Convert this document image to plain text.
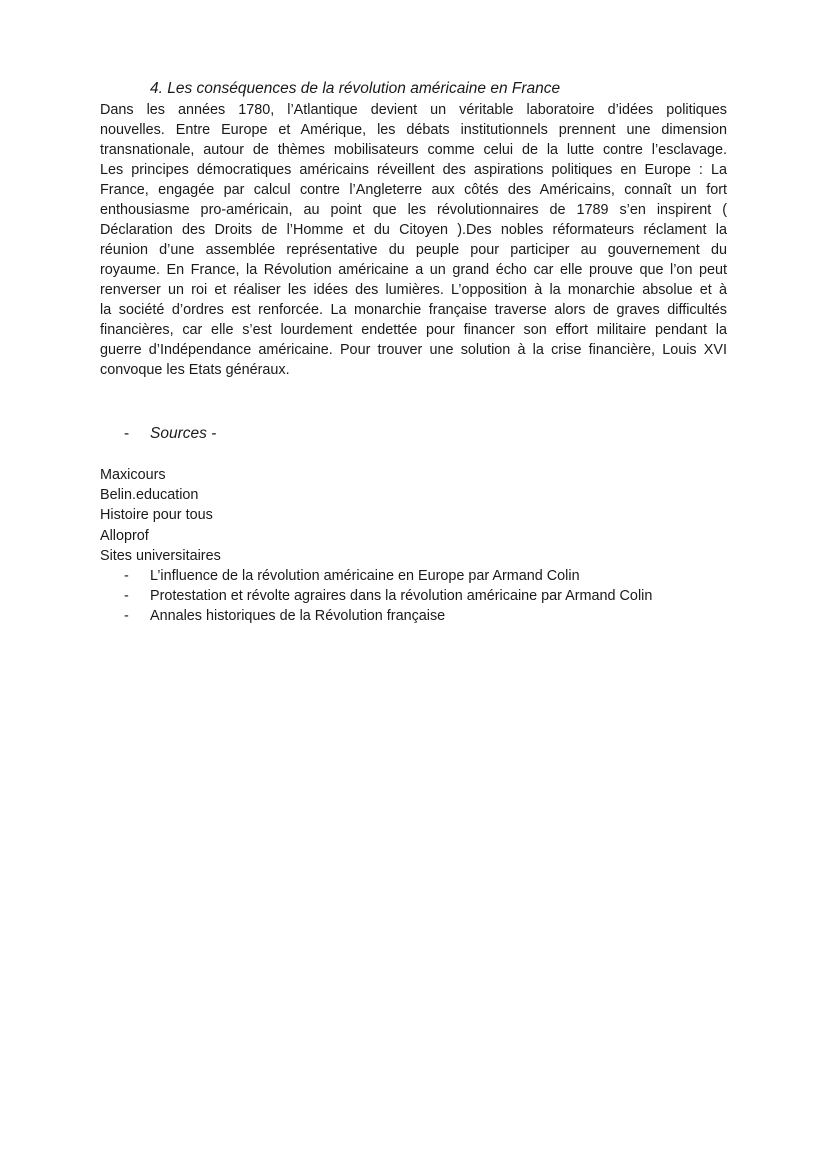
4. Les conséquences de la révolution américaine en France
Dans les années 1780, l’Atlantique devient un véritable laboratoire d’idées politiques
nouvelles. Entre Europe et Amérique, les débats institutionnels prennent une dimension
transnationale, autour de thèmes mobilisateurs comme celui de la lutte contre l’esclavage.
Les principes démocratiques américains réveillent des aspirations politiques en Europe : La
France, engagée par calcul contre l’Angleterre aux côtés des Américains, connaît un fort
enthousiasme pro-américain, au point que les révolutionnaires de 1789 s’en inspirent (
Déclaration des Droits de l’Homme et du Citoyen ).Des nobles réformateurs réclament la
réunion d’une assemblée représentative du peuple pour participer au gouvernement du
royaume. En France, la Révolution américaine a un grand écho car elle prouve que l’on peut
renverser un roi et réaliser les idées des lumières. L’opposition à la monarchie absolue et à
la société d’ordres est renforcée. La monarchie française traverse alors de graves difficultés
financières, car elle s’est lourdement endettée pour financer son effort militaire pendant la
guerre d’Indépendance américaine. Pour trouver une solution à la crise financière, Louis XVI
convoque les Etats généraux.
- Sources -
Maxicours
Belin.education
Histoire pour tous
Alloprof
Sites universitaires
- L’influence de la révolution américaine en Europe par Armand Colin
- Protestation et révolte agraires dans la révolution américaine par Armand Colin
- Annales historiques de la Révolution française
